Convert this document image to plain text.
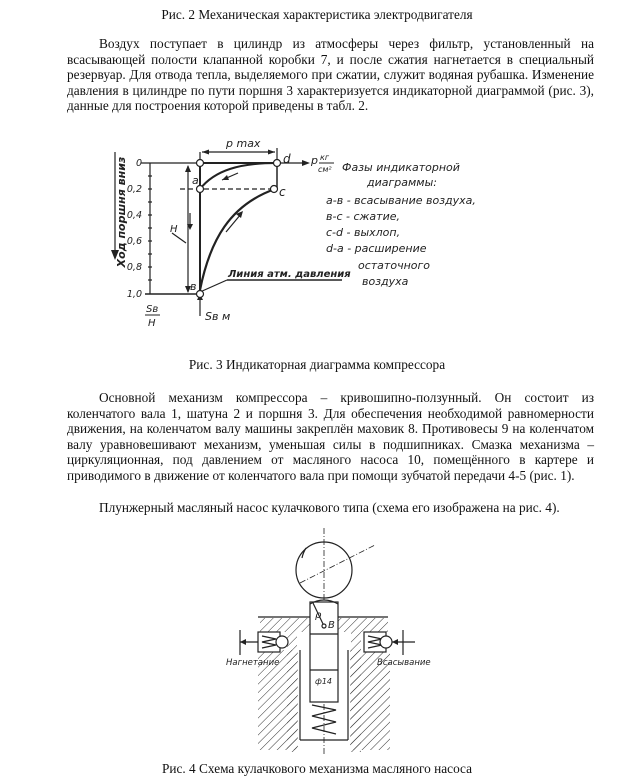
Рис. 2 Механическая характеристика электродвигателя

Воздух поступает в цилиндр из атмосферы через фильтр, установленный на всасывающей полости клапанной коробки 7, и после сжатия нагнетается в специальный резервуар. Для отвода тепла, выделяемого при сжатии, служит водяная рубашка. Изменение давления в цилиндре по пути поршня 3 характеризуется индикаторной диаграммой (рис. 3), данные для построения которой приведены в табл. 2.

Ход поршня вниз 0
0,2
0,4
0,6
0,8
1,0
Sв
H
p max
d
a
c
в
H
Sв м
p кг
см²
Линия атм. давления
Фазы индикаторной
диаграммы:
a-в - всасывание воздуха,
в-c - сжатие,
c-d - выхлоп,
d-a - расширение
остаточного
воздуха
Рис. 3 Индикаторная диаграмма компрессора

Основной механизм компрессора – кривошипно-ползунный. Он состоит из коленчатого вала 1, шатуна 2 и поршня 3. Для обеспечения необходимой равномерности движения, на коленчатом валу машины закреплён маховик 8. Противовесы 9 на коленчатом валу уравновешивают механизм, уменьшая силы в подшипниках. Смазка механизма – циркуляционная, под давлением от масляного насоса 10, помещённого в картере и приводимого в движение от коленчатого вала при помощи зубчатой передачи 4-5 (рис. 1).

Плунжерный масляный насос кулачкового типа (схема его изображена на рис. 4).

Нагнетание	Всасывание
ρ
В
ф14
Рис. 4 Схема кулачкового механизма масляного насоса
